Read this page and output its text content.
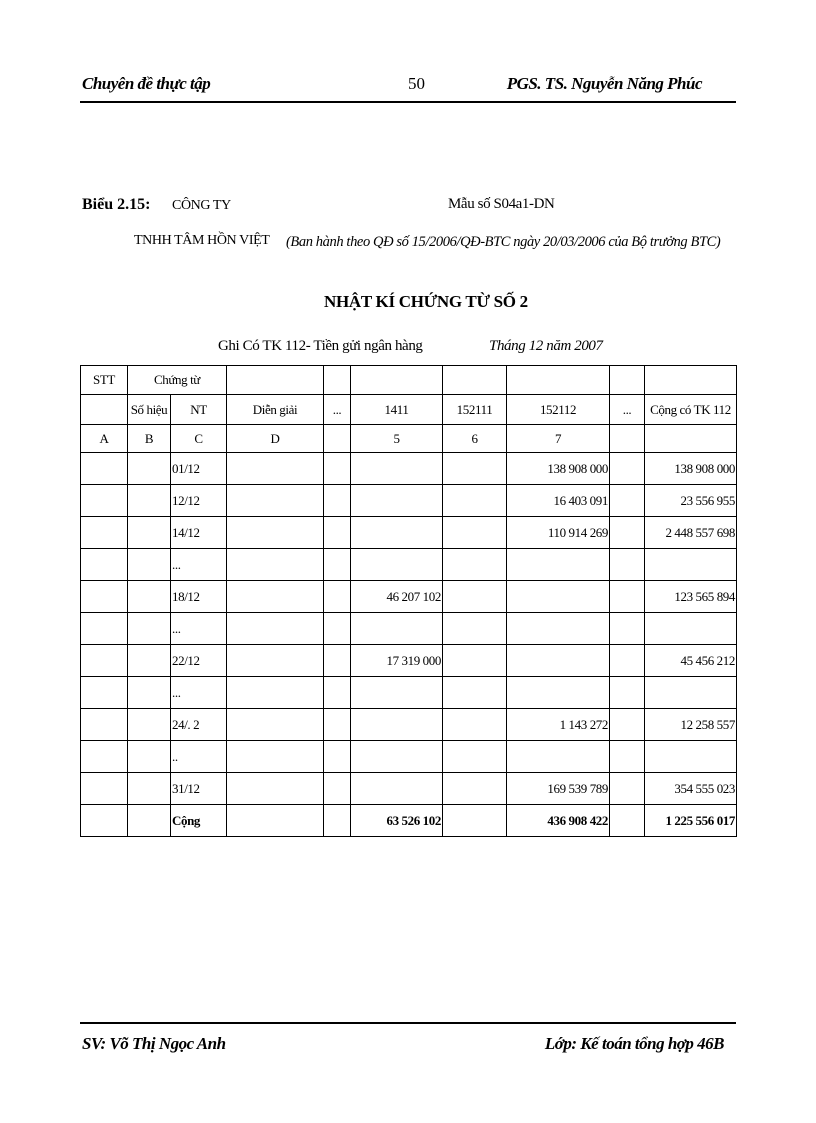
Chuyên đề thực tập	50	PGS. TS. Nguyễn Năng Phúc
Biểu 2.15: CÔNG TY	Mẫu số S04a1-DN
TNHH TÂM HỒN VIỆT (Ban hành theo QĐ số 15/2006/QĐ-BTC ngày 20/03/2006 của Bộ trưởng BTC)
NHẬT KÍ CHỨNG TỪ SỐ 2
Ghi Có TK 112- Tiền gửi ngân hàng	Tháng 12 năm 2007
STT	Chứng từ								
	Số hiệu	NT	Diễn giải	...	1411	152111	152112	...	Cộng có TK 112
A	B	C	D		5	6	7		
		01/12					138 908 000		138 908 000
		12/12					16 403 091		23 556 955
		14/12					110 914 269		2 448 557 698
		...							
		18/12			46 207 102				123 565 894
		...							
		22/12			17 319 000				45 456 212
		...							
		24/. 2					1 143 272		12 258 557
		..							
		31/12					169 539 789		354 555 023
		Cộng			63 526 102		436 908 422		1 225 556 017
SV: Võ Thị Ngọc Anh	Lớp: Kế toán tổng hợp 46B
